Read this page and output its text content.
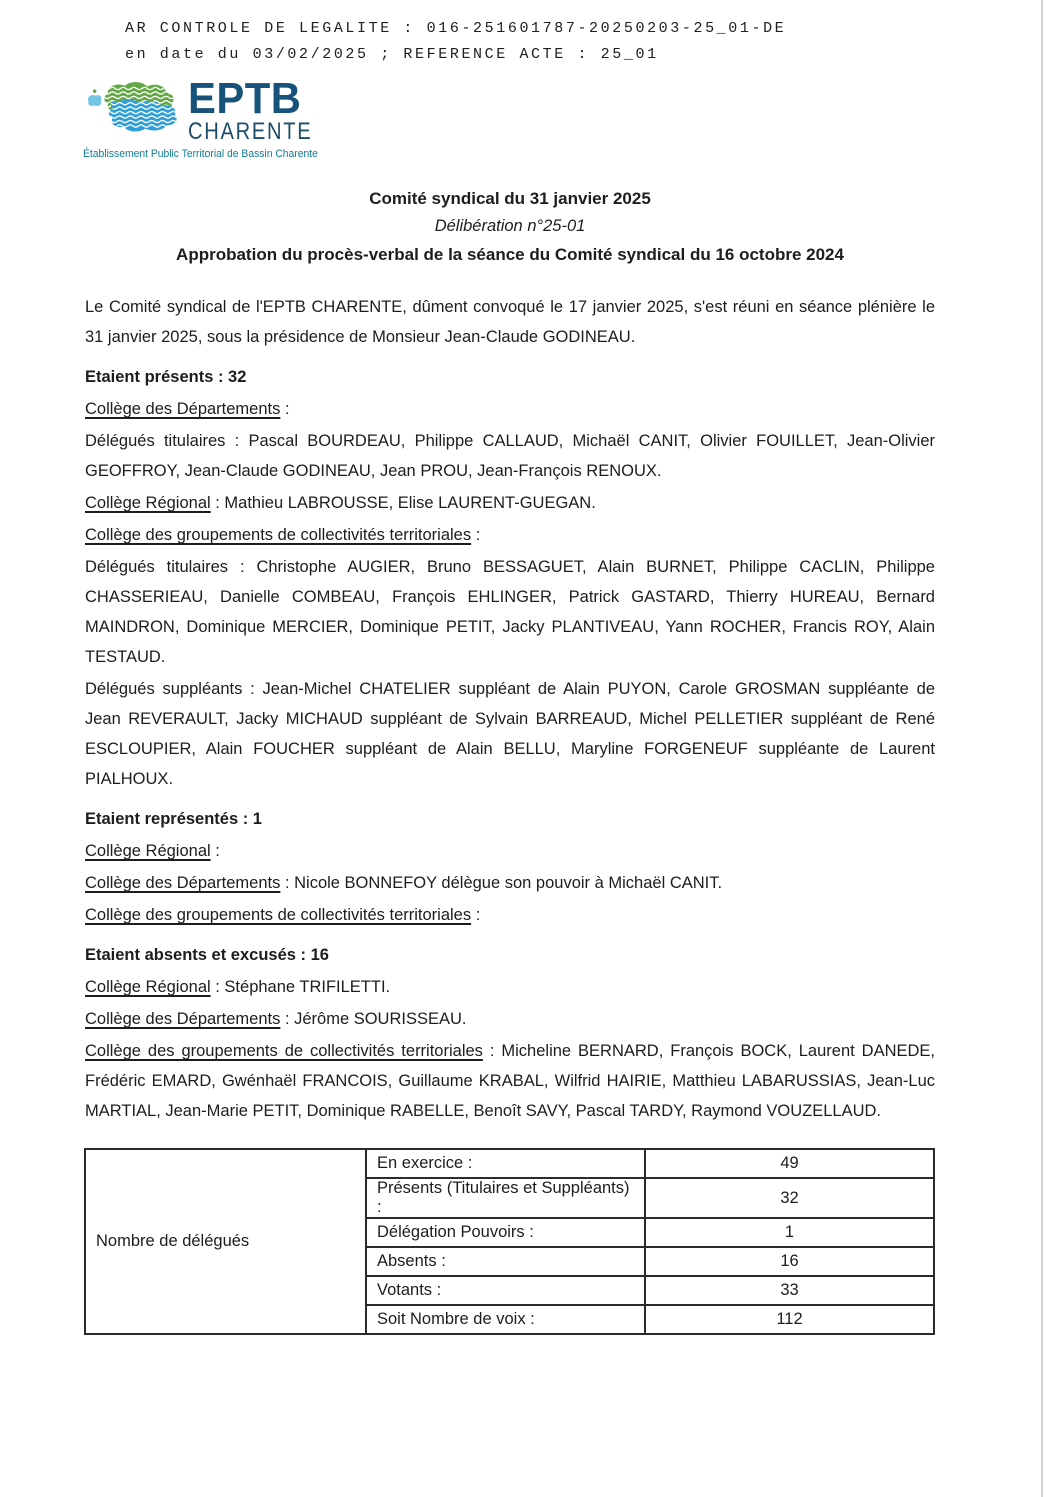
AR CONTROLE DE LEGALITE : 016-251601787-20250203-25_01-DE
en date du 03/02/2025 ; REFERENCE ACTE : 25_01
EPTB
CHARENTE
Établissement Public Territorial de Bassin Charente
Comité syndical du 31 janvier 2025
Délibération n°25-01
Approbation du procès-verbal de la séance du Comité syndical du 16 octobre 2024

Le Comité syndical de l'EPTB CHARENTE, dûment convoqué le 17 janvier 2025, s'est réuni en séance plénière le 31 janvier 2025, sous la présidence de Monsieur Jean-Claude GODINEAU.

Etaient présents : 32

Collège des Départements :

Délégués titulaires : Pascal BOURDEAU, Philippe CALLAUD, Michaël CANIT, Olivier FOUILLET, Jean-Olivier GEOFFROY, Jean-Claude GODINEAU, Jean PROU, Jean-François RENOUX.

Collège Régional : Mathieu LABROUSSE, Elise LAURENT-GUEGAN.

Collège des groupements de collectivités territoriales :

Délégués titulaires : Christophe AUGIER, Bruno BESSAGUET, Alain BURNET, Philippe CACLIN, Philippe CHASSERIEAU, Danielle COMBEAU, François EHLINGER, Patrick GASTARD, Thierry HUREAU, Bernard MAINDRON, Dominique MERCIER, Dominique PETIT, Jacky PLANTIVEAU, Yann ROCHER, Francis ROY, Alain TESTAUD.

Délégués suppléants : Jean-Michel CHATELIER suppléant de Alain PUYON, Carole GROSMAN suppléante de Jean REVERAULT, Jacky MICHAUD suppléant de Sylvain BARREAUD, Michel PELLETIER suppléant de René ESCLOUPIER, Alain FOUCHER suppléant de Alain BELLU, Maryline FORGENEUF suppléante de Laurent PIALHOUX.

Etaient représentés : 1

Collège Régional :

Collège des Départements : Nicole BONNEFOY délègue son pouvoir à Michaël CANIT.

Collège des groupements de collectivités territoriales :

Etaient absents et excusés : 16

Collège Régional : Stéphane TRIFILETTI.

Collège des Départements : Jérôme SOURISSEAU.

Collège des groupements de collectivités territoriales : Micheline BERNARD, François BOCK, Laurent DANEDE, Frédéric EMARD, Gwénhaël FRANCOIS, Guillaume KRABAL, Wilfrid HAIRIE, Matthieu LABARUSSIAS, Jean-Luc MARTIAL, Jean-Marie PETIT, Dominique RABELLE, Benoît SAVY, Pascal TARDY, Raymond VOUZELLAUD.

Nombre de délégués	En exercice :	49
	Présents (Titulaires et Suppléants) :	32
	Délégation Pouvoirs :	1
	Absents :	16
	Votants :	33
	Soit Nombre de voix :	112
